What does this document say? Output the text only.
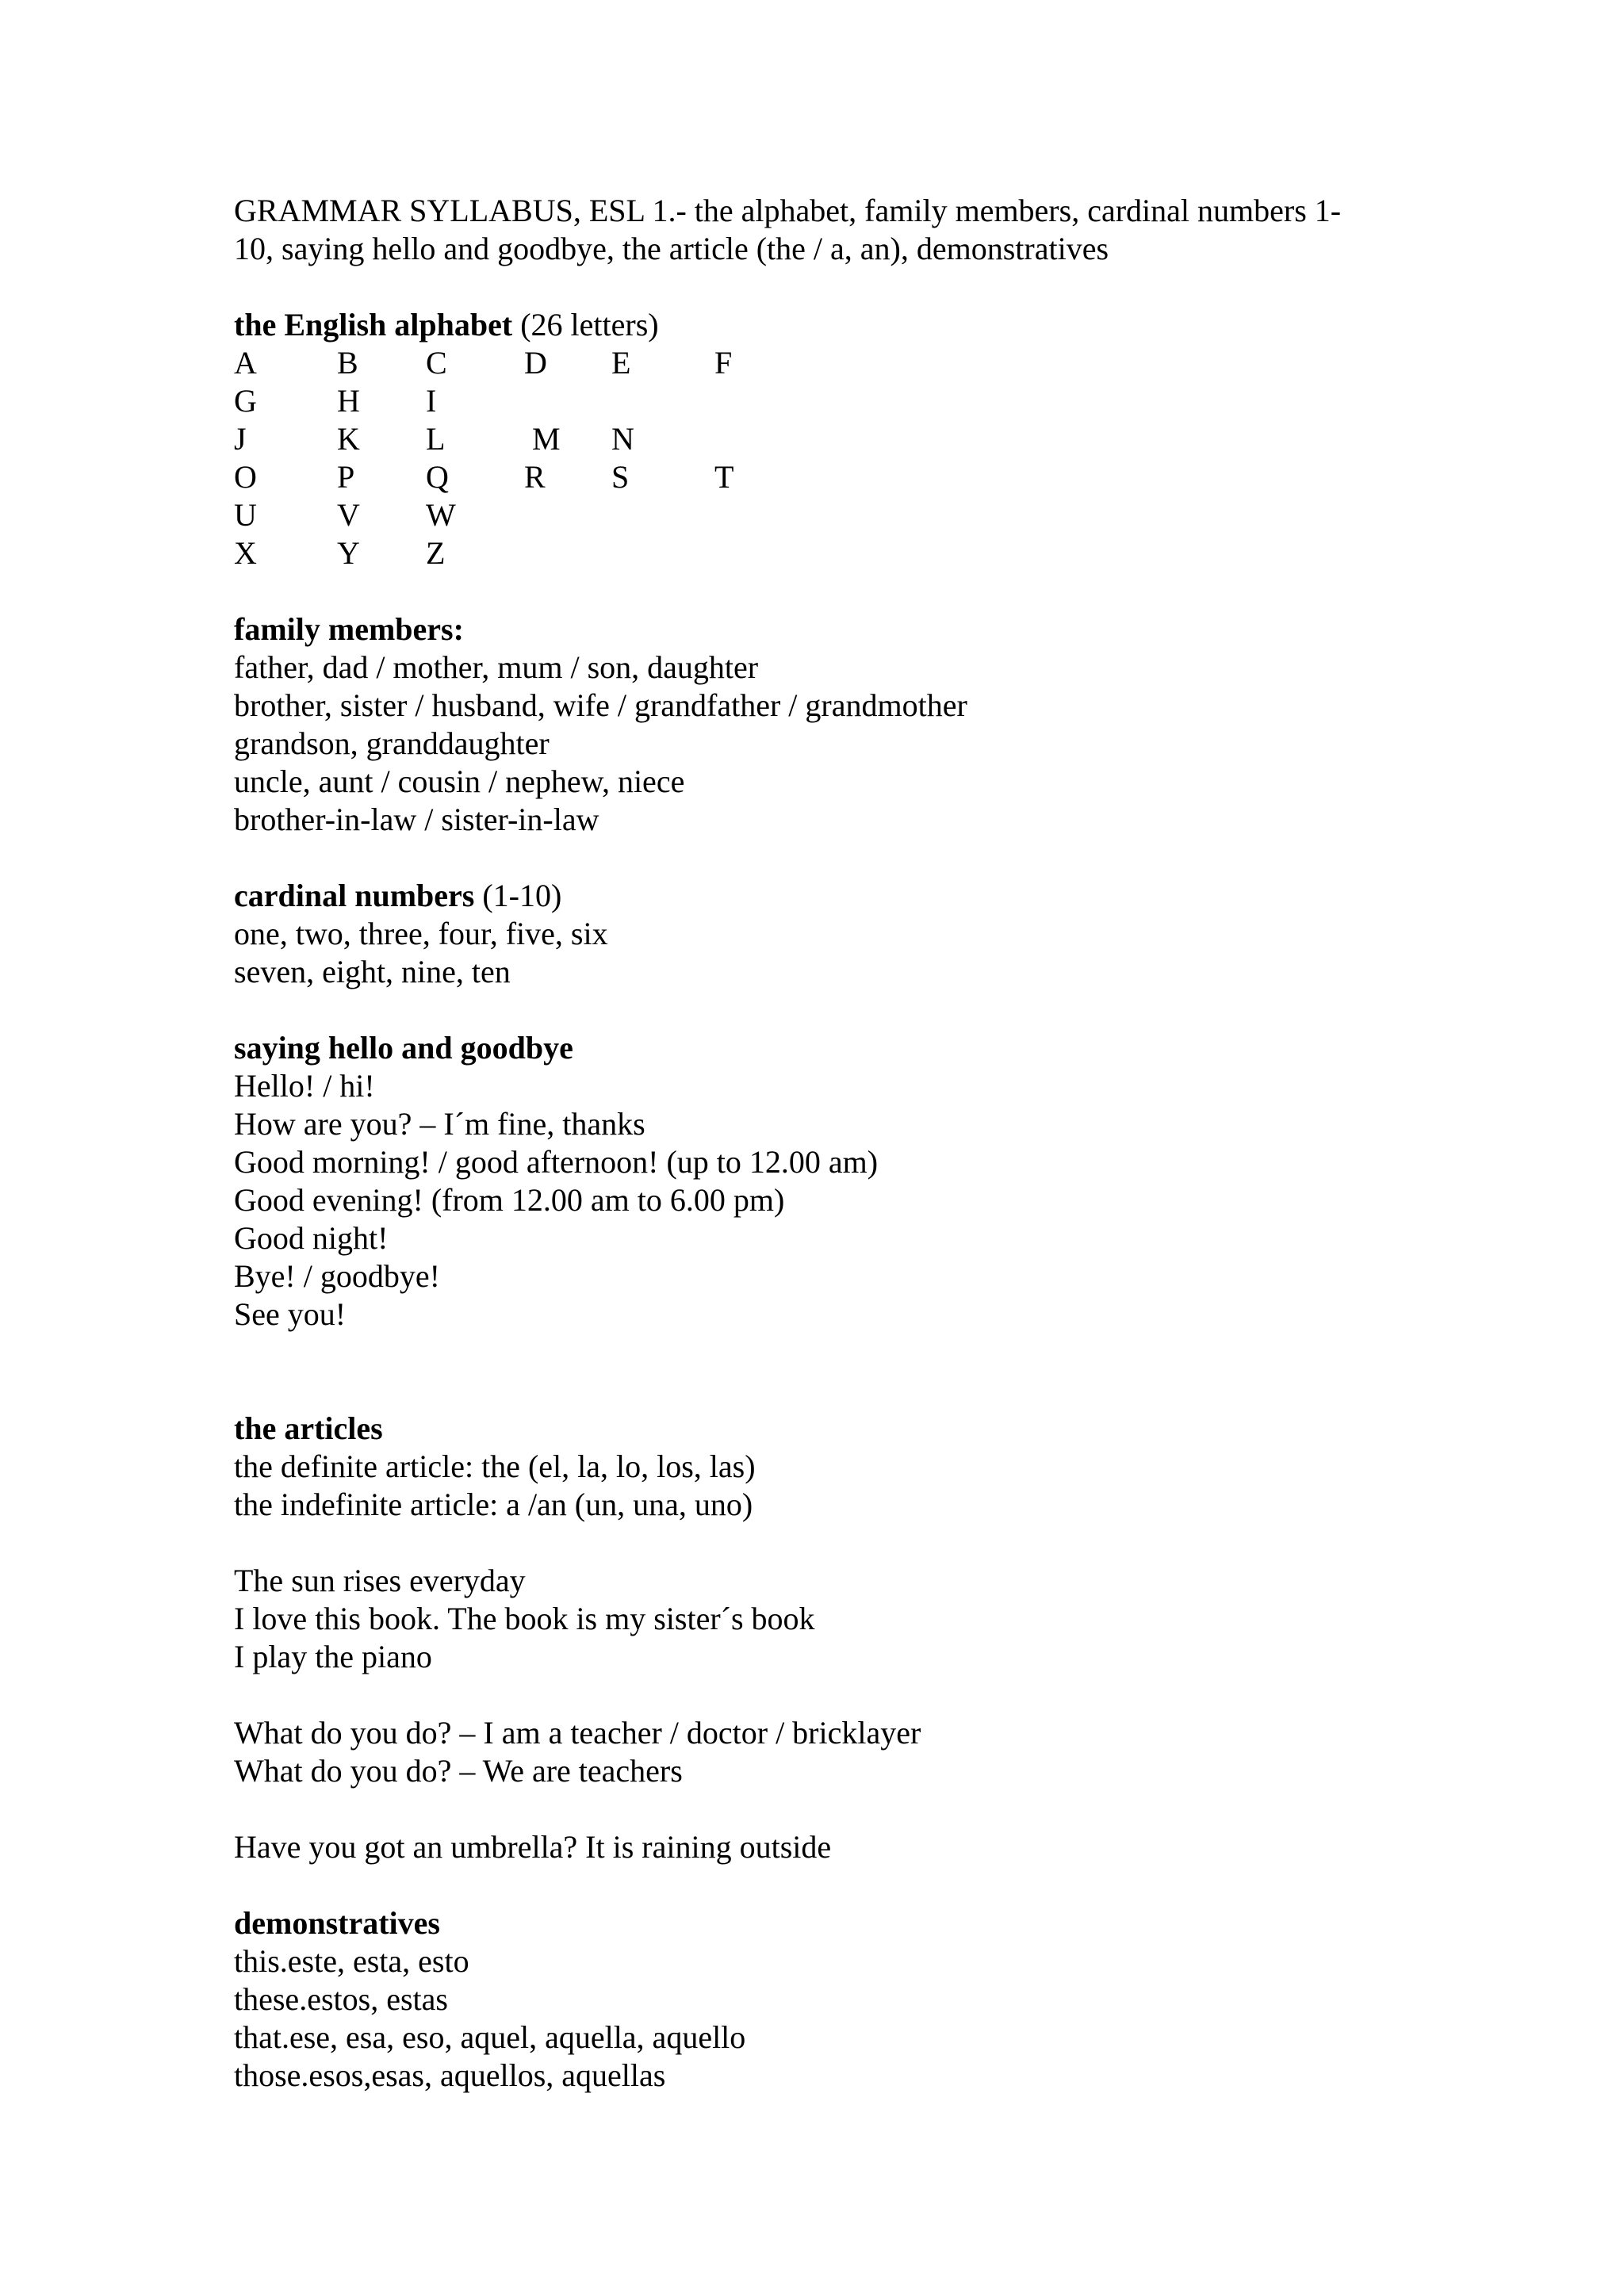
GRAMMAR SYLLABUS, ESL 1.- the alphabet, family members, cardinal numbers 1-
10, saying hello and goodbye, the article (the / a, an), demonstratives
the English alphabet (26 letters)
A	B	C	D	E	F
G	H	I
J	K	L	M	N
O	P	Q	R	S	T
U	V	W
X	Y	Z
family members:
father, dad / mother, mum / son, daughter
brother, sister / husband, wife / grandfather / grandmother
grandson, granddaughter
uncle, aunt / cousin / nephew, niece
brother-in-law / sister-in-law
cardinal numbers (1-10)
one, two, three, four, five, six
seven, eight, nine, ten
saying hello and goodbye
Hello! / hi!
How are you? – I´m fine, thanks
Good morning! / good afternoon! (up to 12.00 am)
Good evening! (from 12.00 am to 6.00 pm)
Good night!
Bye! / goodbye!
See you!
the articles
the definite article: the (el, la, lo, los, las)
the indefinite article: a /an (un, una, uno)
The sun rises everyday
I love this book. The book is my sister´s book
I play the piano
What do you do? – I am a teacher / doctor / bricklayer
What do you do? – We are teachers
Have you got an umbrella? It is raining outside
demonstratives
this.este, esta, esto
these.estos, estas
that.ese, esa, eso, aquel, aquella, aquello
those.esos,esas, aquellos, aquellas
